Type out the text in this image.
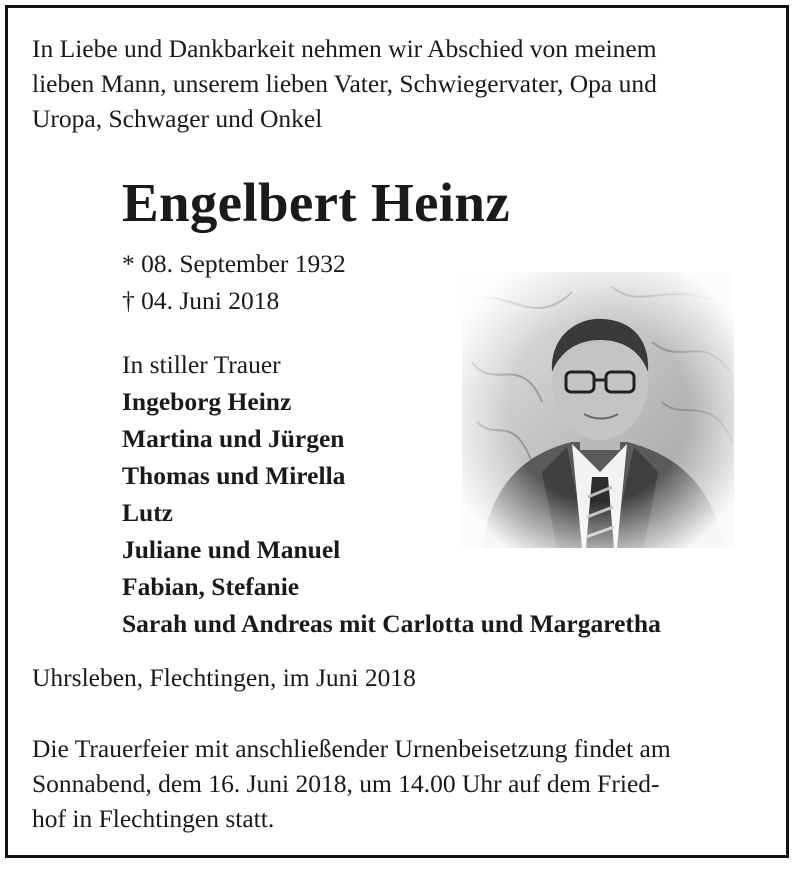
In Liebe und Dankbarkeit nehmen wir Abschied von meinem
lieben Mann, unserem lieben Vater, Schwiegervater, Opa und
Uropa, Schwager und Onkel
Engelbert Heinz
* 08. September 1932
† 04. Juni 2018
In stiller Trauer
Ingeborg Heinz
Martina und Jürgen
Thomas und Mirella
Lutz
Juliane und Manuel
Fabian, Stefanie
Sarah und Andreas mit Carlotta und Margaretha

Uhrsleben, Flechtingen, im Juni 2018

Die Trauerfeier mit anschließender Urnenbeisetzung findet am
Sonnabend, dem 16. Juni 2018, um 14.00 Uhr auf dem Fried-
hof in Flechtingen statt.
